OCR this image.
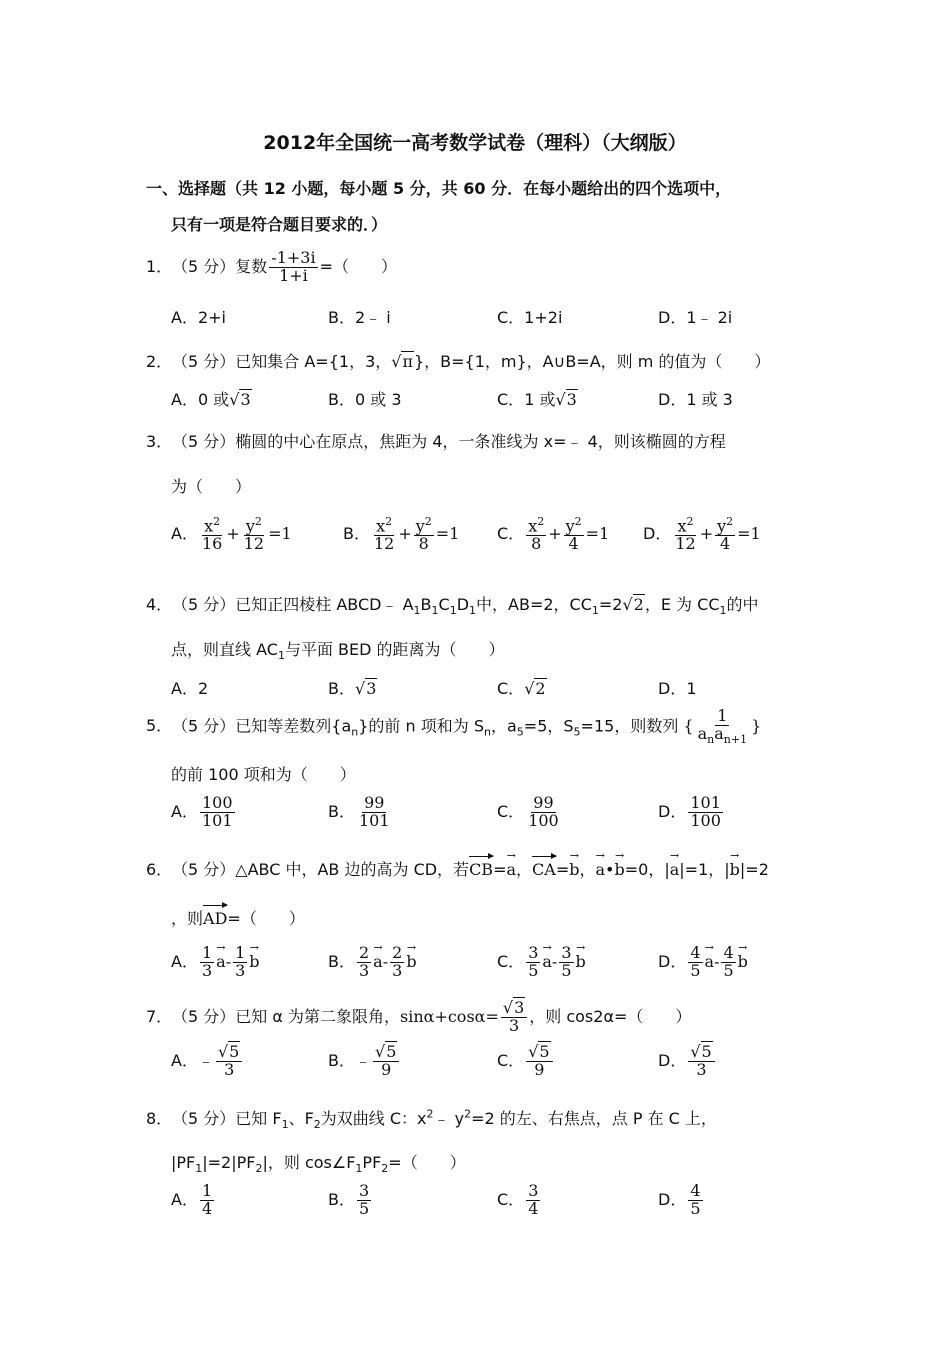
2012年全国统一高考数学试卷（理科）（大纲版）
一、选择题（共 12 小题，每小题 5 分，共 60 分．在每小题给出的四个选项中，
只有一项是符合题目要求的．）
1．（5 分）复数 $\frac{-1+3i}{1+i}$ =（　　）
A．2+i	B．2﹣ i	C．1+2i	D．1﹣ 2i
2．（5 分）已知集合 A={1，3，√π}，B={1，m}，A∪B=A，则 m 的值为（　　）
A．0 或√3	B．0 或 3	C．1 或√3	D．1 或 3
3．（5 分）椭圆的中心在原点，焦距为 4，一条准线为 x=﹣ 4，则该椭圆的方程
为（　　）
A． $\frac{x^2}{16} + \frac{y^2}{12} =1$	B． $\frac{x^2}{12} + \frac{y^2}{8} =1$ C． $\frac{x^2}{8} + \frac{y^2}{4} =1$ D． $\frac{x^2}{12} + \frac{y^2}{4} =1$
4．（5 分）已知正四棱柱 ABCD﹣ $A_1B_1C_1D_1$中，AB=2，$CC_1=2√2$，E 为 $CC_1$的中
点，则直线 $AC_1$与平面 BED 的距离为（　　）
A．2	B．√3	C．√2	D．1
5．（5 分）已知等差数列$\{a_n\}$的前 n 项和为 $S_n$，$a_5=5$，$S_5=15$，则数列 { $\frac{1}{a_na_{n+1}}$ }
的前 100 项和为（　　）
A． $\frac{100}{101}$	B． $\frac{99}{101}$	C． $\frac{99}{100}$	D． $\frac{101}{100}$
6．（5 分）△ABC 中，AB 边的高为 CD，若
CB=→ a，
CA=→ b，→ a•→ b=0，|→ a|=1，|→ b|=2
，则
AD=（　　）
A． $\frac{1}{3}$
→ $a- \frac{1}{3}$
→ b	B． $\frac{2}{3}$
→ $a- \frac{2}{3}$
→ b	C． $\frac{3}{5}$
→ $a- \frac{3}{5}$
→ b	D． $\frac{4}{5}$
→ $a- \frac{4}{5}$
→ b
7．（5 分）已知 α 为第二象限角，$\sin\alpha+\cos\alpha= \frac{√3}{3}$ ，则 cos2α=（　　）
A．﹣ $\frac{√5}{3}$	B．﹣ $\frac{√5}{9}$	C． $\frac{√5}{9}$	D． $\frac{√5}{3}$
8．（5 分）已知 $F_1$、$F_2$为双曲线 C：$x^2﹣$ $y^2=2$ 的左、右焦点，点 P 在 C 上，
$|PF_1|=2|PF_2|$，则 $\cos\angle F_1PF_2=$（　　）
A． $\frac{1}{4}$	B． $\frac{3}{5}$	C． $\frac{3}{4}$	D． $\frac{4}{5}$
